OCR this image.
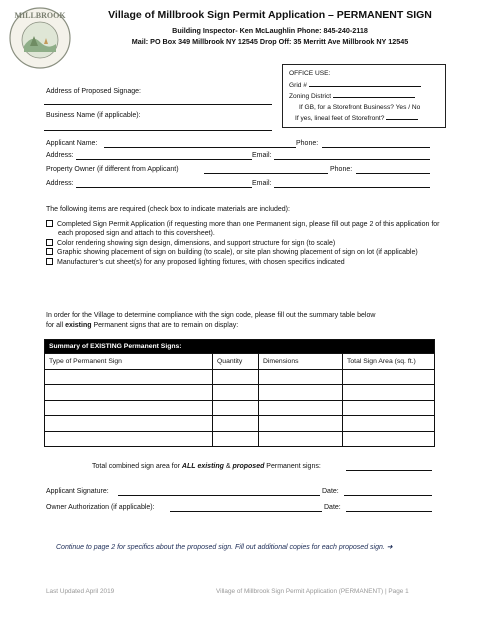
MILLBROOK	Village of Millbrook Sign Permit Application – PERMANENT SIGN
Building Inspector- Ken McLaughlin Phone: 845-240-2118
Mail: PO Box 349 Millbrook NY 12545 Drop Off: 35 Merritt Ave Millbrook NY 12545
OFFICE USE:
Grid #
Zoning District
If GB, for a Storefront Business? Yes / No
If yes, lineal feet of Storefront?
Address of Proposed Signage:
Business Name (if applicable):
Applicant Name:	Phone:
Address:	Email:
Property Owner (if different from Applicant)	Phone:
Address:	Email:
The following items are required (check box to indicate materials are included):
Completed Sign Permit Application (if requesting more than one Permanent sign, please fill out page 2 of this application for each proposed sign and attach to this coversheet).
Color rendering showing sign design, dimensions, and support structure for sign (to scale)
Graphic showing placement of sign on building (to scale), or site plan showing placement of sign on lot (if applicable)
Manufacturer’s cut sheet(s) for any proposed lighting fixtures, with chosen specifics indicated
In order for the Village to determine compliance with the sign code, please fill out the summary table below
for all existing Permanent signs that are to remain on display:
Summary of EXISTING Permanent Signs:			
Type of Permanent Sign	Quantity	Dimensions	Total Sign Area (sq. ft.)

Total combined sign area for ALL existing & proposed Permanent signs:
Applicant Signature:	Date:
Owner Authorization (if applicable):	Date:
Continue to page 2 for specifics about the proposed sign. Fill out additional copies for each proposed sign. ➜
Last Updated April 2019	Village of Millbrook Sign Permit Application (PERMANENT) | Page 1
